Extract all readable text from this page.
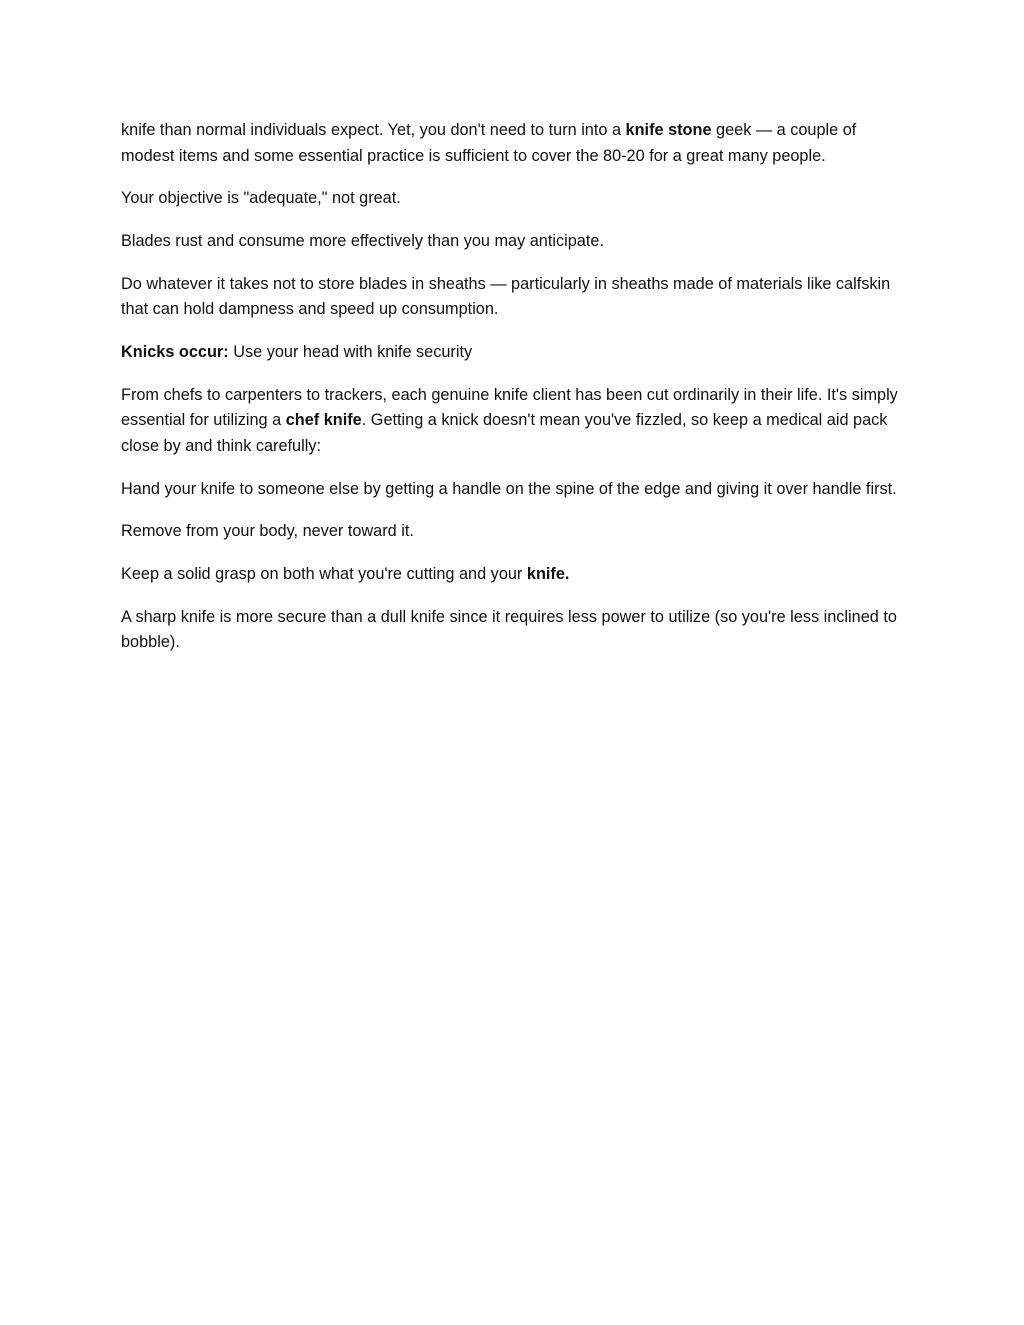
knife than normal individuals expect. Yet, you don't need to turn into a knife stone geek — a couple of modest items and some essential practice is sufficient to cover the 80-20 for a great many people.

Your objective is "adequate," not great.

Blades rust and consume more effectively than you may anticipate.

Do whatever it takes not to store blades in sheaths — particularly in sheaths made of materials like calfskin that can hold dampness and speed up consumption.

Knicks occur: Use your head with knife security

From chefs to carpenters to trackers, each genuine knife client has been cut ordinarily in their life. It's simply essential for utilizing a chef knife. Getting a knick doesn't mean you've fizzled, so keep a medical aid pack close by and think carefully:

Hand your knife to someone else by getting a handle on the spine of the edge and giving it over handle first.

Remove from your body, never toward it.

Keep a solid grasp on both what you're cutting and your knife.

A sharp knife is more secure than a dull knife since it requires less power to utilize (so you're less inclined to bobble).
